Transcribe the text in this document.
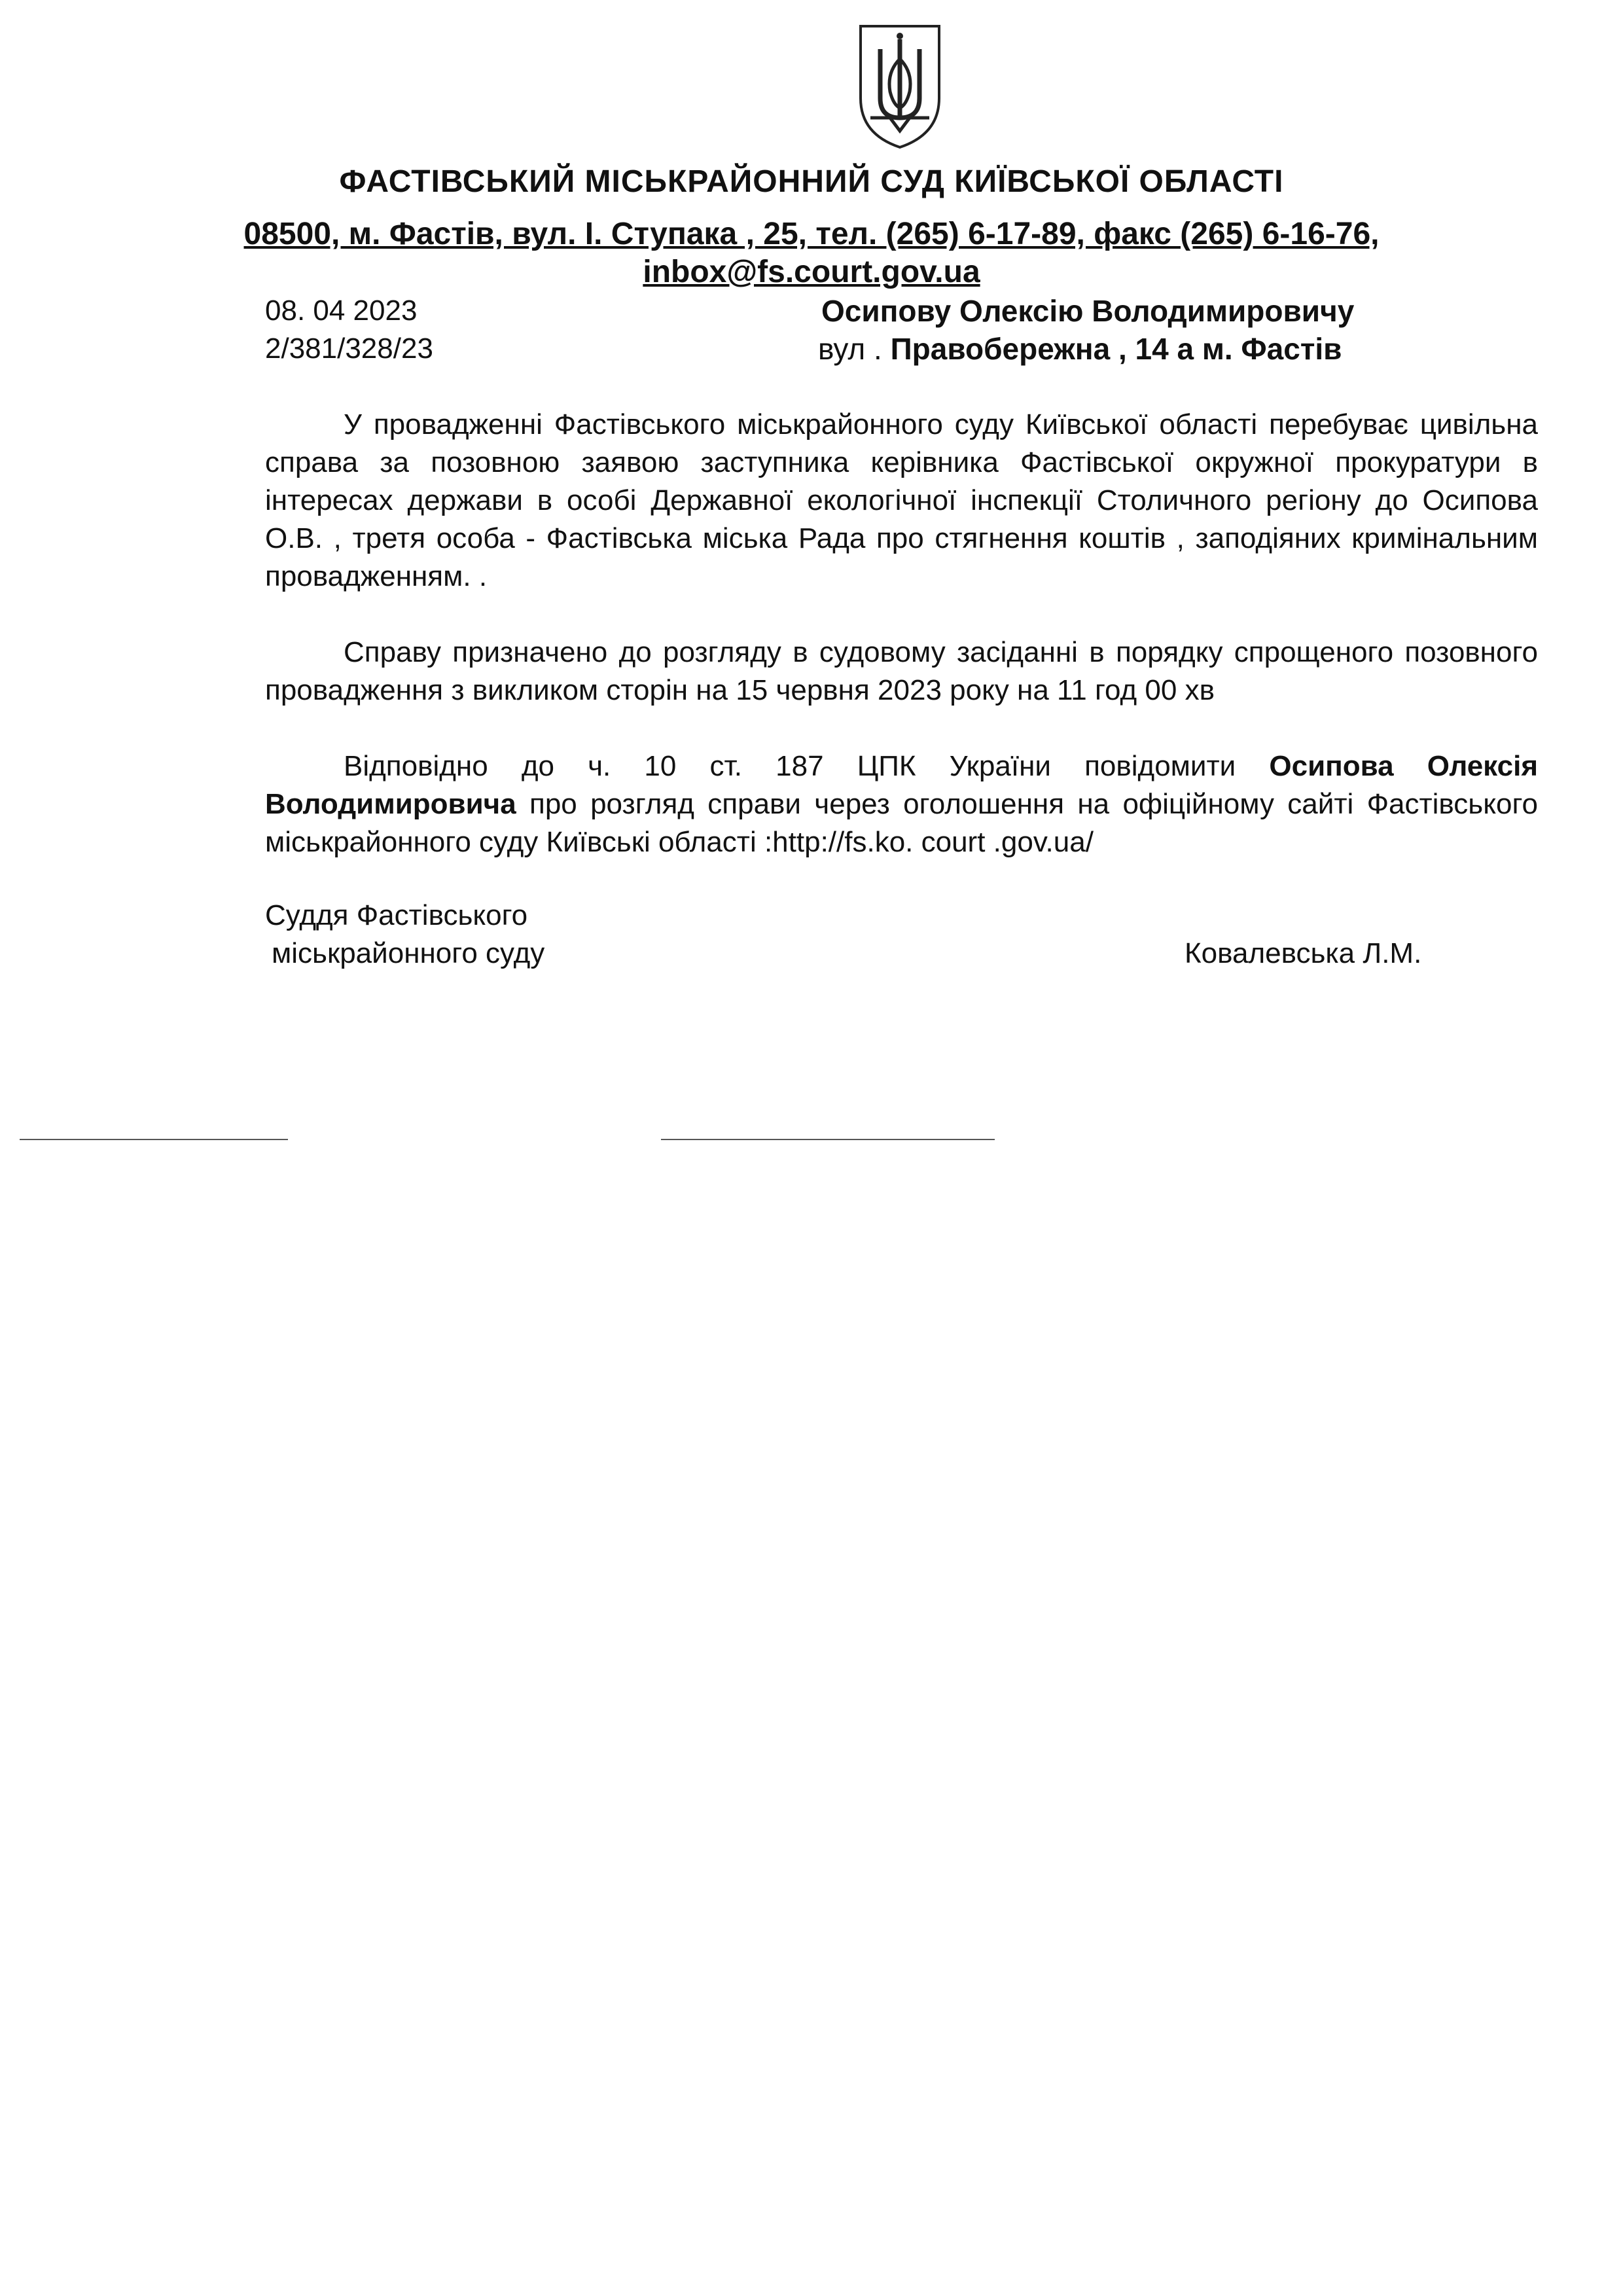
ФАСТІВСЬКИЙ МІСЬКРАЙОННИЙ СУД КИЇВСЬКОЇ ОБЛАСТІ
08500, м. Фастів, вул. І. Ступака , 25, тел. (265) 6-17-89, факс (265) 6-16-76,
inbox@fs.court.gov.ua
08. 04 2023
2/381/328/23
Осипову Олексію Володимировичу
вул . Правобережна , 14 а м. Фастів
У провадженні Фастівського міськрайонного суду Київської області перебуває цивільна справа за позовною заявою заступника керівника Фастівської окружної прокуратури в інтересах держави в особі Державної екологічної інспекції Столичного регіону до Осипова О.В. , третя особа - Фастівська міська Рада про стягнення коштів , заподіяних кримінальним провадженням. .
Справу призначено до розгляду в судовому засіданні в порядку спрощеного позовного провадження з викликом сторін на 15 червня 2023 року на 11 год 00 хв
Відповідно до ч. 10 ст. 187 ЦПК України повідомити Осипова Олексія Володимировича про розгляд справи через оголошення на офіційному сайті Фастівського міськрайонного суду Київські області :http://fs.ko. court .gov.ua/
Суддя Фастівського
міськрайонного суду	Ковалевська Л.М.
